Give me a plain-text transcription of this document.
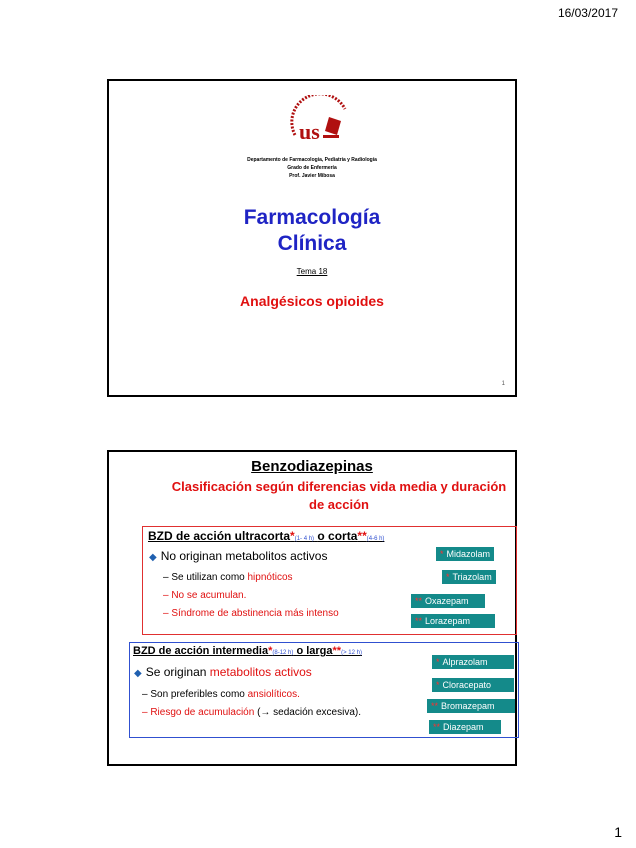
16/03/2017
us
Departamento de Farmacología, Pediatría y Radiología
Grado de Enfermería
Prof. Javier Mibosa
Farmacología
Clínica
Tema 18
Analgésicos opioides
1
Benzodiazepinas
Clasificación según diferencias vida media y duración de acción
BZD de acción ultracorta*(1- 4 h) o corta**(4-6 h)
◆ No originan metabolitos activos
– Se utilizan como hipnóticos
– No se acumulan.
– Síndrome de abstinencia más intenso
* Midazolam
* Triazolam
** Oxazepam
** Lorazepam
BZD de acción intermedia*(8-12 h) o larga**(> 12 h)
◆ Se originan metabolitos activos
– Son preferibles como ansiolíticos.
– Riesgo de acumulación (→ sedación excesiva).
* Alprazolam
* Cloracepato
** Bromazepam
** Diazepam
1
